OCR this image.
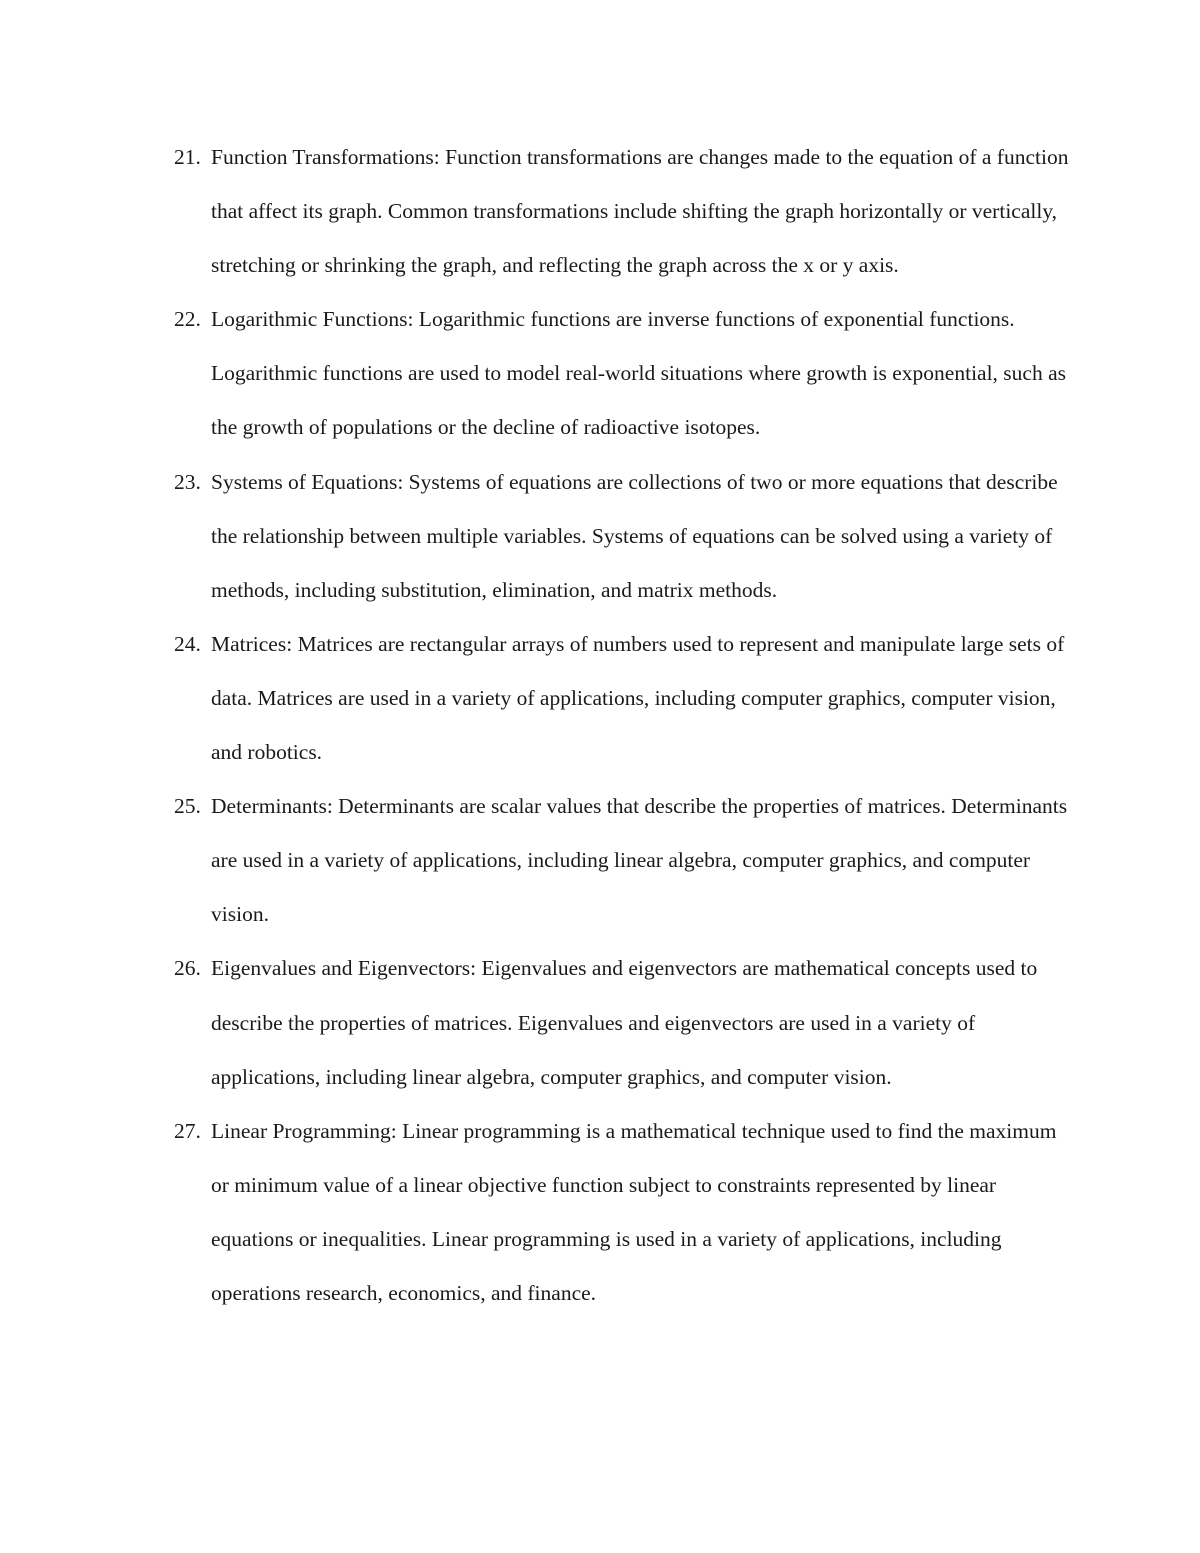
21. Function Transformations: Function transformations are changes made to the equation of a function that affect its graph. Common transformations include shifting the graph horizontally or vertically, stretching or shrinking the graph, and reflecting the graph across the x or y axis.
22. Logarithmic Functions: Logarithmic functions are inverse functions of exponential functions. Logarithmic functions are used to model real-world situations where growth is exponential, such as the growth of populations or the decline of radioactive isotopes.
23. Systems of Equations: Systems of equations are collections of two or more equations that describe the relationship between multiple variables. Systems of equations can be solved using a variety of methods, including substitution, elimination, and matrix methods.
24. Matrices: Matrices are rectangular arrays of numbers used to represent and manipulate large sets of data. Matrices are used in a variety of applications, including computer graphics, computer vision, and robotics.
25. Determinants: Determinants are scalar values that describe the properties of matrices. Determinants are used in a variety of applications, including linear algebra, computer graphics, and computer vision.
26. Eigenvalues and Eigenvectors: Eigenvalues and eigenvectors are mathematical concepts used to describe the properties of matrices. Eigenvalues and eigenvectors are used in a variety of applications, including linear algebra, computer graphics, and computer vision.
27. Linear Programming: Linear programming is a mathematical technique used to find the maximum or minimum value of a linear objective function subject to constraints represented by linear equations or inequalities. Linear programming is used in a variety of applications, including operations research, economics, and finance.
